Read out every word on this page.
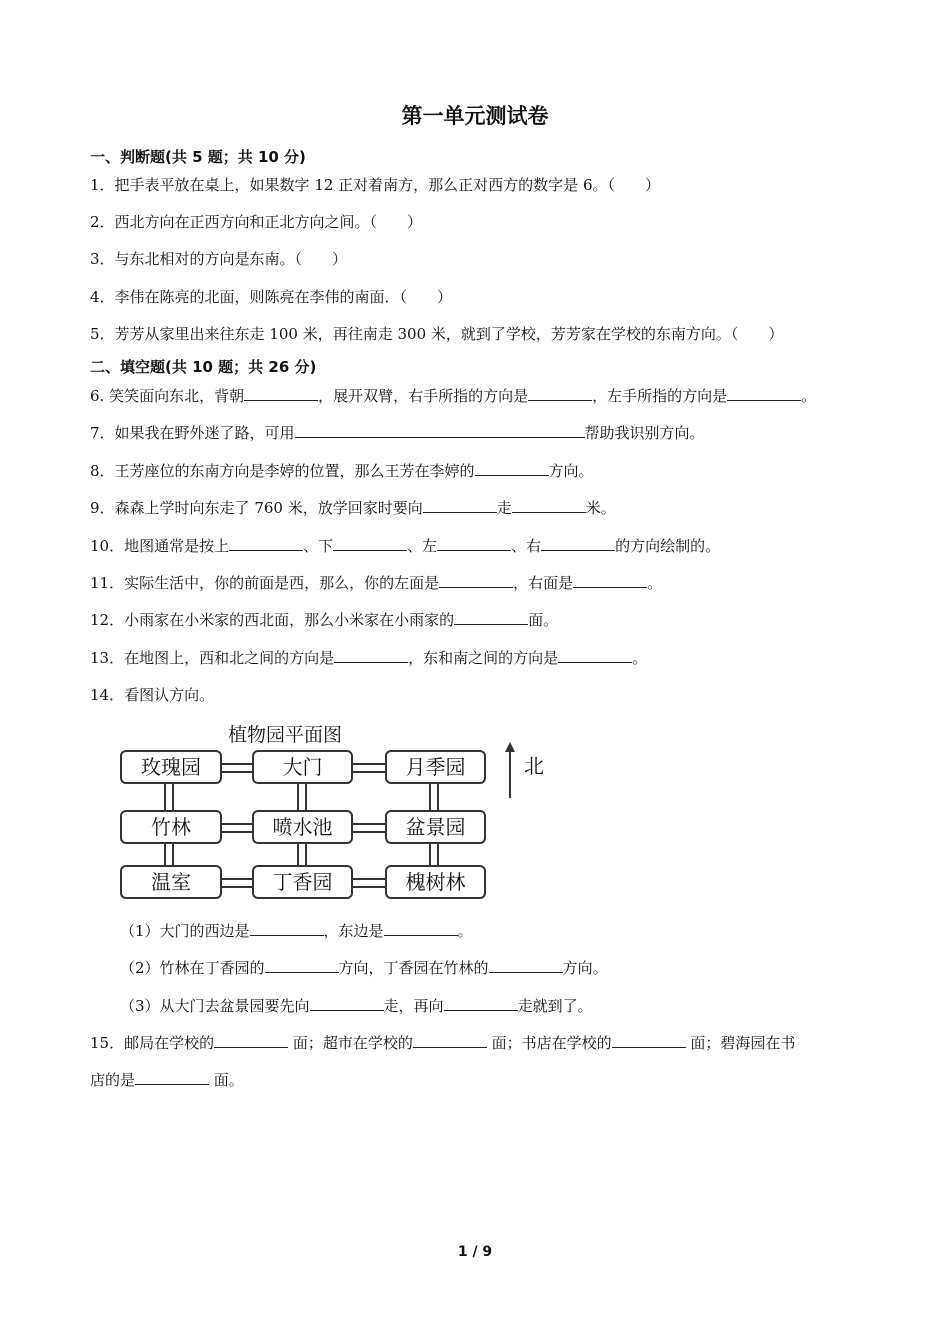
第一单元测试卷
一、判断题(共 5 题；共 10 分)
1．把手表平放在桌上，如果数字 12 正对着南方，那么正对西方的数字是 6。（　　）
2．西北方向在正西方向和正北方向之间。（　　）
3．与东北相对的方向是东南。（　　）
4．李伟在陈亮的北面，则陈亮在李伟的南面．（　　）
5．芳芳从家里出来往东走 100 米，再往南走 300 米，就到了学校，芳芳家在学校的东南方向。（　　）
二、填空题(共 10 题；共 26 分)
6. 笑笑面向东北，背朝	，展开双臂，右手所指的方向是	，左手所指的方向是	。
7．如果我在野外迷了路，可用	帮助我识别方向。
8．王芳座位的东南方向是李婷的位置，那么王芳在李婷的	方向。
9．森森上学时向东走了 760 米，放学回家时要向	走	米。
10．地图通常是按上	、下	、左	、右	的方向绘制的。
11．实际生活中，你的前面是西，那么，你的左面是	，右面是	。
12．小雨家在小米家的西北面，那么小米家在小雨家的	面。
13．在地图上，西和北之间的方向是	，东和南之间的方向是	。
14．看图认方向。
植物园平面图
北
玫瑰园	大门	月季园
竹林	喷水池	盆景园
温室	丁香园	槐树林
（1）大门的西边是	，东边是	。
（2）竹林在丁香园的	方向，丁香园在竹林的	方向。
（3）从大门去盆景园要先向	走，再向	走就到了。
15．邮局在学校的	面；超市在学校的	面；书店在学校的	面；碧海园在书
店的是	面。
1 / 9
